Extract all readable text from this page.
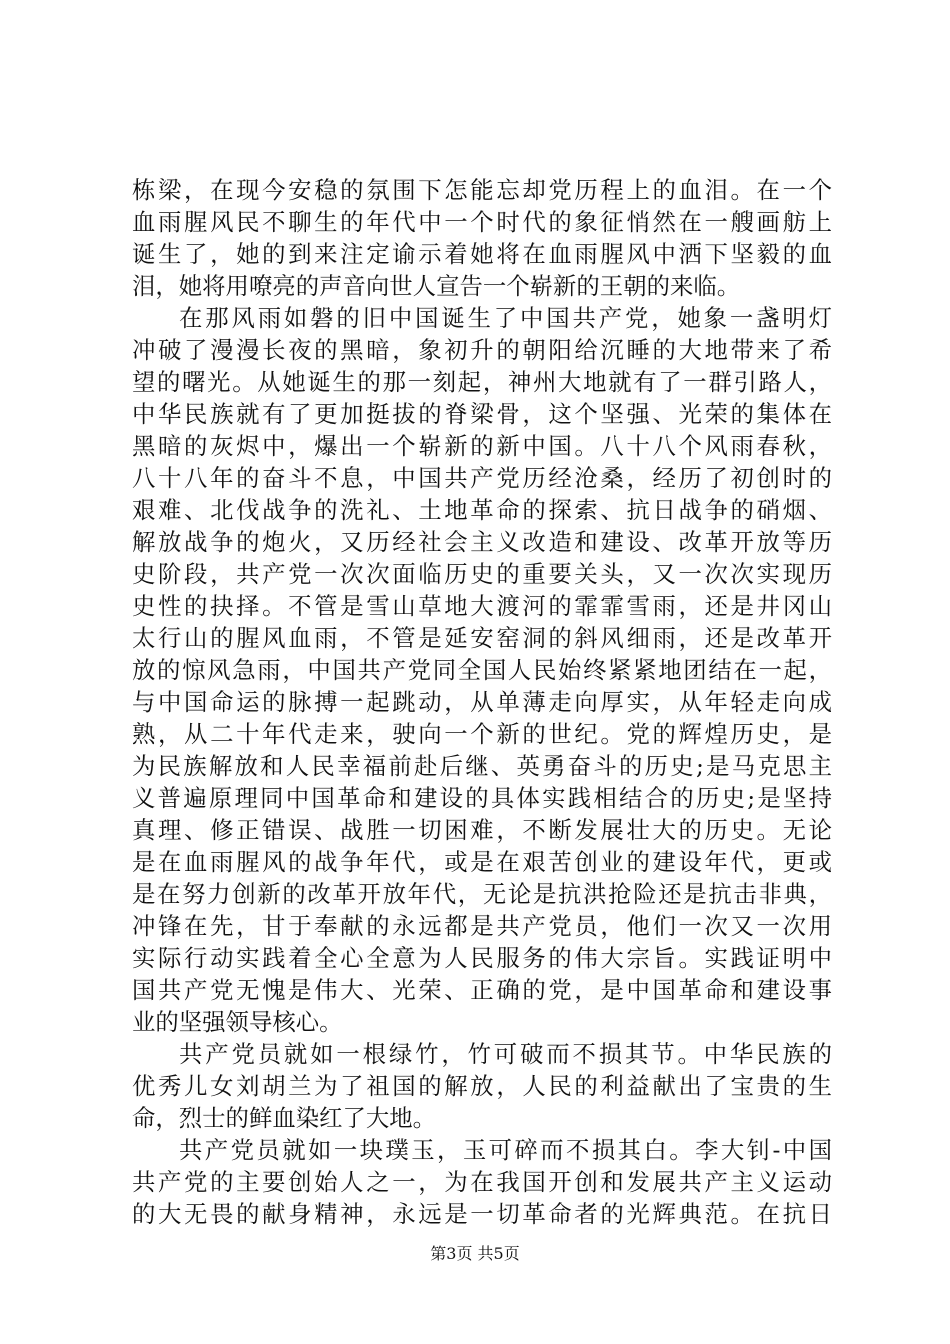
栋梁，在现今安稳的氛围下怎能忘却党历程上的血泪。在一个
血雨腥风民不聊生的年代中一个时代的象征悄然在一艘画舫上
诞生了，她的到来注定谕示着她将在血雨腥风中洒下坚毅的血
泪，她将用嘹亮的声音向世人宣告一个崭新的王朝的来临。
在那风雨如磐的旧中国诞生了中国共产党，她象一盏明灯
冲破了漫漫长夜的黑暗，象初升的朝阳给沉睡的大地带来了希
望的曙光。从她诞生的那一刻起，神州大地就有了一群引路人，
中华民族就有了更加挺拔的脊梁骨，这个坚强、光荣的集体在
黑暗的灰烬中，爆出一个崭新的新中国。八十八个风雨春秋，
八十八年的奋斗不息，中国共产党历经沧桑，经历了初创时的
艰难、北伐战争的洗礼、土地革命的探索、抗日战争的硝烟、
解放战争的炮火，又历经社会主义改造和建设、改革开放等历
史阶段，共产党一次次面临历史的重要关头，又一次次实现历
史性的抉择。不管是雪山草地大渡河的霏霏雪雨，还是井冈山
太行山的腥风血雨，不管是延安窑洞的斜风细雨，还是改革开
放的惊风急雨，中国共产党同全国人民始终紧紧地团结在一起，
与中国命运的脉搏一起跳动，从单薄走向厚实，从年轻走向成
熟，从二十年代走来，驶向一个新的世纪。党的辉煌历史，是
为民族解放和人民幸福前赴后继、英勇奋斗的历史;是马克思主
义普遍原理同中国革命和建设的具体实践相结合的历史;是坚持
真理、修正错误、战胜一切困难，不断发展壮大的历史。无论
是在血雨腥风的战争年代，或是在艰苦创业的建设年代，更或
是在努力创新的改革开放年代，无论是抗洪抢险还是抗击非典，
冲锋在先，甘于奉献的永远都是共产党员，他们一次又一次用
实际行动实践着全心全意为人民服务的伟大宗旨。实践证明中
国共产党无愧是伟大、光荣、正确的党，是中国革命和建设事
业的坚强领导核心。
共产党员就如一根绿竹，竹可破而不损其节。中华民族的
优秀儿女刘胡兰为了祖国的解放，人民的利益献出了宝贵的生
命，烈士的鲜血染红了大地。
共产党员就如一块璞玉，玉可碎而不损其白。李大钊-中国
共产党的主要创始人之一，为在我国开创和发展共产主义运动
的大无畏的献身精神，永远是一切革命者的光辉典范。在抗日
第3页 共5页
